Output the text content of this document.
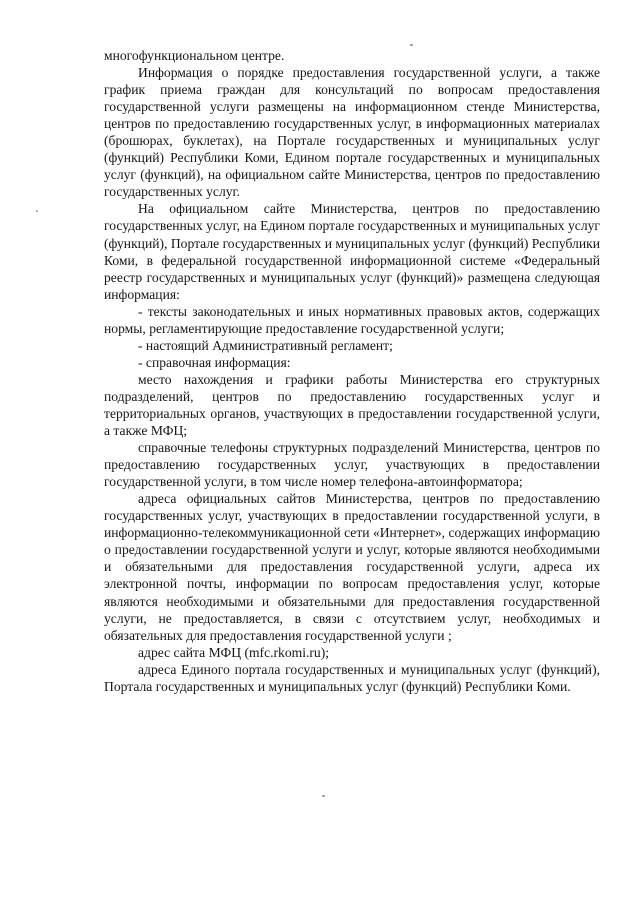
многофункциональном центре.

Информация о порядке предоставления государственной услуги, а также график приема граждан для консультаций по вопросам предоставления государственной услуги размещены на информационном стенде Министерства, центров по предоставлению государственных услуг, в информационных материалах (брошюрах, буклетах), на Портале государственных и муниципальных услуг (функций) Республики Коми, Едином портале государственных и муниципальных услуг (функций), на официальном сайте Министерства, центров по предоставлению государственных услуг.

На официальном сайте Министерства, центров по предоставлению государственных услуг, на Едином портале государственных и муниципальных услуг (функций), Портале государственных и муниципальных услуг (функций) Республики Коми, в федеральной государственной информационной системе «Федеральный реестр государственных и муниципальных услуг (функций)» размещена следующая информация:

- тексты законодательных и иных нормативных правовых актов, содержащих нормы, регламентирующие предоставление государственной услуги;

- настоящий Административный регламент;

- справочная информация:

место нахождения и графики работы Министерства его структурных подразделений, центров по предоставлению государственных услуг и территориальных органов, участвующих в предоставлении государственной услуги, а также МФЦ;

справочные телефоны структурных подразделений Министерства, центров по предоставлению государственных услуг, участвующих в предоставлении государственной услуги, в том числе номер телефона-автоинформатора;

адреса официальных сайтов Министерства, центров по предоставлению государственных услуг, участвующих в предоставлении государственной услуги, в информационно-телекоммуникационной сети «Интернет», содержащих информацию о предоставлении государственной услуги и услуг, которые являются необходимыми и обязательными для предоставления государственной услуги, адреса их электронной почты, информации по вопросам предоставления услуг, которые являются необходимыми и обязательными для предоставления государственной услуги, не предоставляется, в связи с отсутствием услуг, необходимых и обязательных для предоставления государственной услуги ;

адрес сайта МФЦ (mfc.rkomi.ru);

адреса Единого портала государственных и муниципальных услуг (функций), Портала государственных и муниципальных услуг (функций) Республики Коми.
